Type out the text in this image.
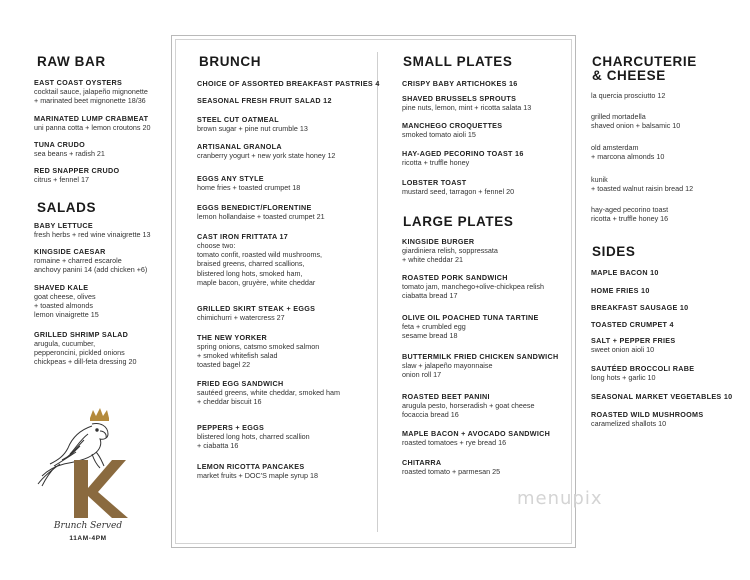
RAW BAR
EAST COAST OYSTERS
cocktail sauce, jalapeño mignonette
+ marinated beet mignonette 18/36
MARINATED LUMP CRABMEAT
uni panna cotta + lemon croutons 20
TUNA CRUDO
sea beans + radish 21
RED SNAPPER CRUDO
citrus + fennel 17
SALADS
BABY LETTUCE
fresh herbs + red wine vinaigrette 13
KINGSIDE CAESAR
romaine + charred escarole
anchovy panini 14 (add chicken +6)
SHAVED KALE
goat cheese, olives
+ toasted almonds
lemon vinaigrette 15
GRILLED SHRIMP SALAD
arugula, cucumber,
pepperoncini, pickled onions
chickpeas + dill-feta dressing 20
BRUNCH
CHOICE OF ASSORTED BREAKFAST PASTRIES 4
SEASONAL FRESH FRUIT SALAD 12
STEEL CUT OATMEAL
brown sugar + pine nut crumble 13
ARTISANAL GRANOLA
cranberry yogurt + new york state honey 12
EGGS ANY STYLE
home fries + toasted crumpet 18
EGGS BENEDICT/FLORENTINE
lemon hollandaise + toasted crumpet 21
CAST IRON FRITTATA 17
choose two:
tomato confit, roasted wild mushrooms,
braised greens, charred scallions,
blistered long hots, smoked ham,
maple bacon, gruyère, white cheddar
GRILLED SKIRT STEAK + EGGS
chimichurri + watercress 27
THE NEW YORKER
spring onions, catsmo smoked salmon
+ smoked whitefish salad
toasted bagel 22
FRIED EGG SANDWICH
sautéed greens, white cheddar, smoked ham
+ cheddar biscuit 16
PEPPERS + EGGS
blistered long hots, charred scallion
+ ciabatta 16
LEMON RICOTTA PANCAKES
market fruits + DOC'S maple syrup 18
SMALL PLATES
CRISPY BABY ARTICHOKES 16
SHAVED BRUSSELS SPROUTS
pine nuts, lemon, mint + ricotta salata 13
MANCHEGO CROQUETTES
smoked tomato aioli 15
HAY-AGED PECORINO TOAST 16
ricotta + truffle honey
LOBSTER TOAST
mustard seed, tarragon + fennel 20
LARGE PLATES
KINGSIDE BURGER
giardiniera relish, soppressata
+ white cheddar 21
ROASTED PORK SANDWICH
tomato jam, manchego+olive-chickpea relish
ciabatta bread 17
OLIVE OIL POACHED TUNA TARTINE
feta + crumbled egg
sesame bread 18
BUTTERMILK FRIED CHICKEN SANDWICH
slaw + jalapeño mayonnaise
onion roll 17
ROASTED BEET PANINI
arugula pesto, horseradish + goat cheese
focaccia bread 16
MAPLE BACON + AVOCADO SANDWICH
roasted tomatoes + rye bread 16
CHITARRA
roasted tomato + parmesan 25
CHARCUTERIE
& CHEESE
la quercia prosciutto 12
grilled mortadella
shaved onion + balsamic 10
old amsterdam
+ marcona almonds 10
kunik
+ toasted walnut raisin bread 12
hay-aged pecorino toast
ricotta + truffle honey 16
SIDES
MAPLE BACON 10
HOME FRIES 10
BREAKFAST SAUSAGE 10
TOASTED CRUMPET 4
SALT + PEPPER FRIES
sweet onion aioli 10
SAUTÉED BROCCOLI RABE
long hots + garlic 10
SEASONAL MARKET VEGETABLES 10
ROASTED WILD MUSHROOMS
caramelized shallots 10
Brunch Served
11AM-4PM
menupix
